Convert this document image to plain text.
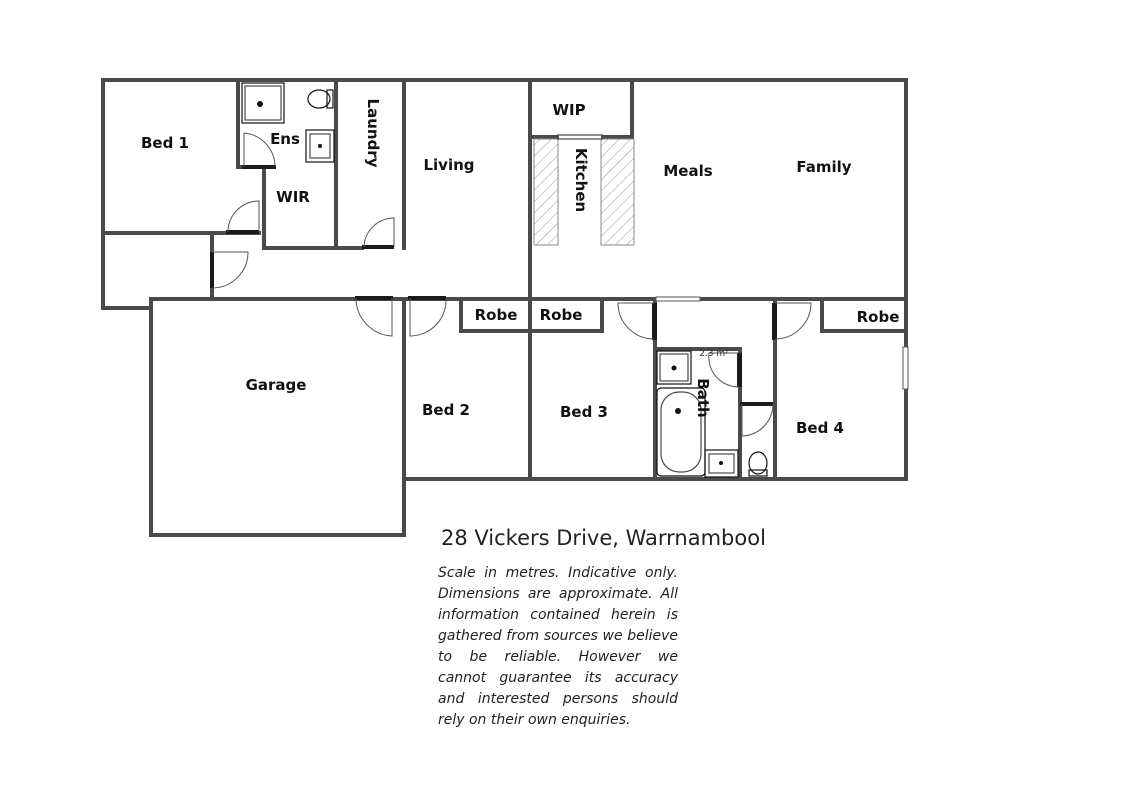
Bed 1	Ens
WIR
Laundry	Living
WIP
Kitchen	Meals	Family
Garage
Robe Robe	Robe
Bed 2	Bed 3	Bath
Bed 4
2.3 m²
28 Vickers Drive, Warrnambool
Scale in metres. Indicative only. Dimensions are approximate. All information contained herein is gathered from sources we believe to be reliable. However we cannot guarantee its accuracy and interested persons should rely on their own enquiries.
